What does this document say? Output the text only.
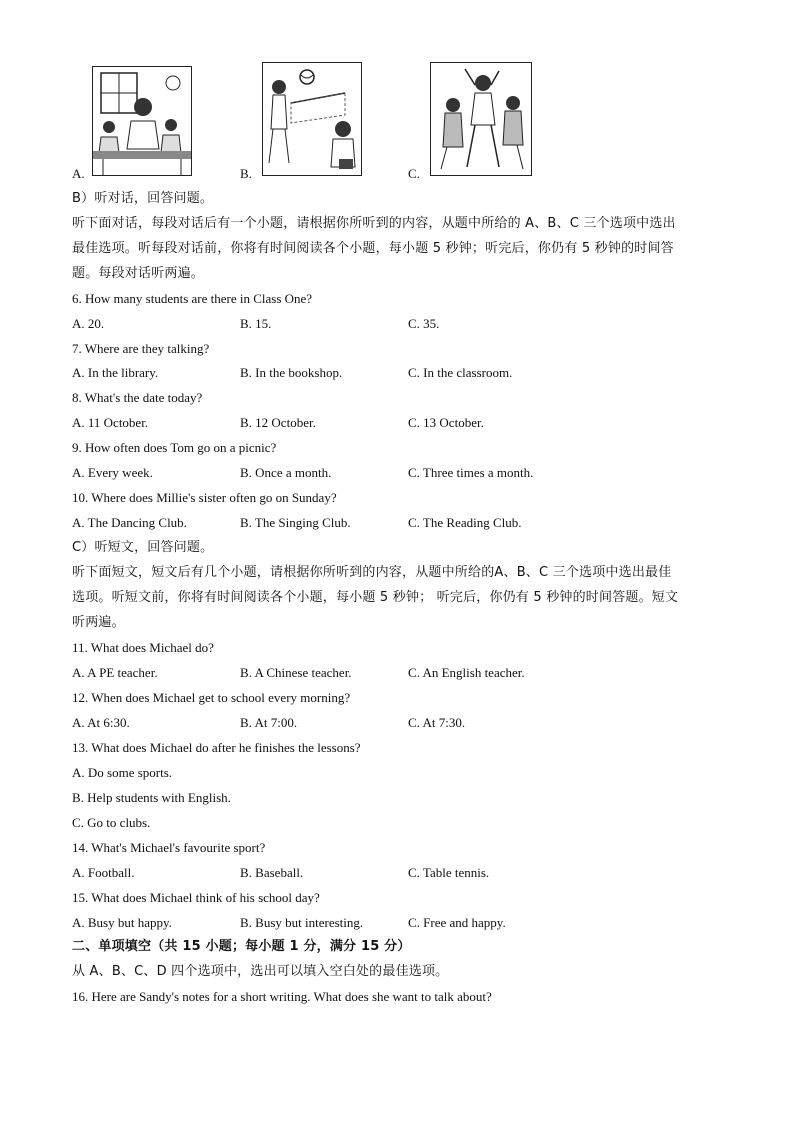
A.	B.	C.
B）听对话，回答问题。
听下面对话，每段对话后有一个小题，请根据你所听到的内容，从题中所给的 A、B、C 三个选项中选出
最佳选项。听每段对话前，你将有时间阅读各个小题，每小题 5 秒钟；听完后，你仍有 5 秒钟的时间答
题。每段对话听两遍。
6. How many students are there in Class One?
A. 20.	B. 15.	C. 35.
7. Where are they talking?
A. In the library.	B. In the bookshop.	C. In the classroom.
8. What's the date today?
A. 11 October.	B. 12 October.	C. 13 October.
9. How often does Tom go on a picnic?
A. Every week.	B. Once a month.	C. Three times a month.
10. Where does Millie's sister often go on Sunday?
A. The Dancing Club.	B. The Singing Club.	C. The Reading Club.
C）听短文，回答问题。
听下面短文，短文后有几个小题，请根据你所听到的内容，从题中所给的A、B、C 三个选项中选出最佳
选项。听短文前，你将有时间阅读各个小题，每小题 5 秒钟； 听完后，你仍有 5 秒钟的时间答题。短文
听两遍。
11. What does Michael do?
A. A PE teacher.	B. A Chinese teacher.	C. An English teacher.
12. When does Michael get to school every morning?
A. At 6:30.	B. At 7:00.	C. At 7:30.
13. What does Michael do after he finishes the lessons?
A. Do some sports.
B. Help students with English.
C. Go to clubs.
14. What's Michael's favourite sport?
A. Football.	B. Baseball.	C. Table tennis.
15. What does Michael think of his school day?
A. Busy but happy.	B. Busy but interesting.	C. Free and happy.
二、单项填空（共 15 小题；每小题 1 分，满分 15 分）
从 A、B、C、D 四个选项中，选出可以填入空白处的最佳选项。
16. Here are Sandy's notes for a short writing. What does she want to talk about?
